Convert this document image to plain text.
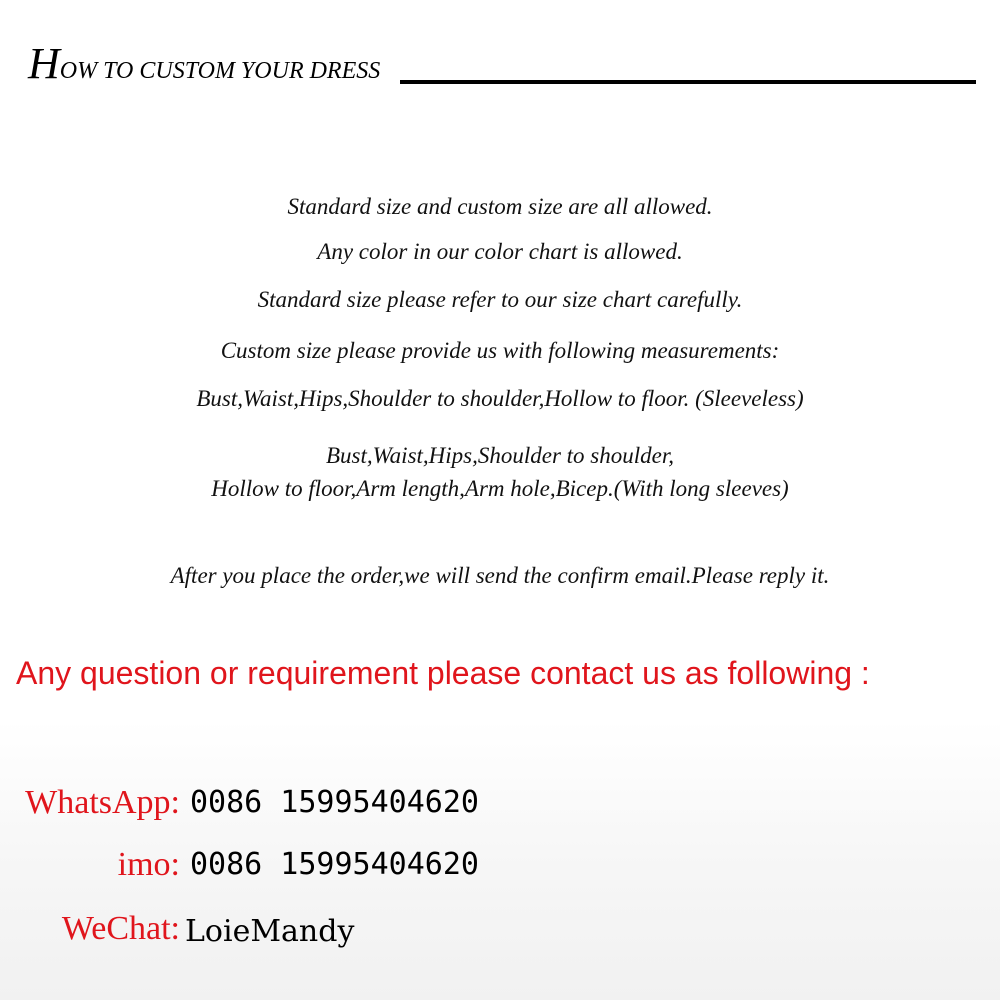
HOW TO CUSTOM YOUR DRESS
Standard size and custom size are all allowed.
Any color in our color chart is allowed.
Standard size please refer to our size chart carefully.
Custom size please provide us with following measurements:
Bust,Waist,Hips,Shoulder to shoulder,Hollow to floor. (Sleeveless)
Bust,Waist,Hips,Shoulder to shoulder,
Hollow to floor,Arm length,Arm hole,Bicep.(With long sleeves)
After you place the order,we will send the confirm email.Please reply it.
Any question or requirement please contact us as following :
WhatsApp: 0086 15995404620
imo: 0086 15995404620
WeChat: LoieMandy
